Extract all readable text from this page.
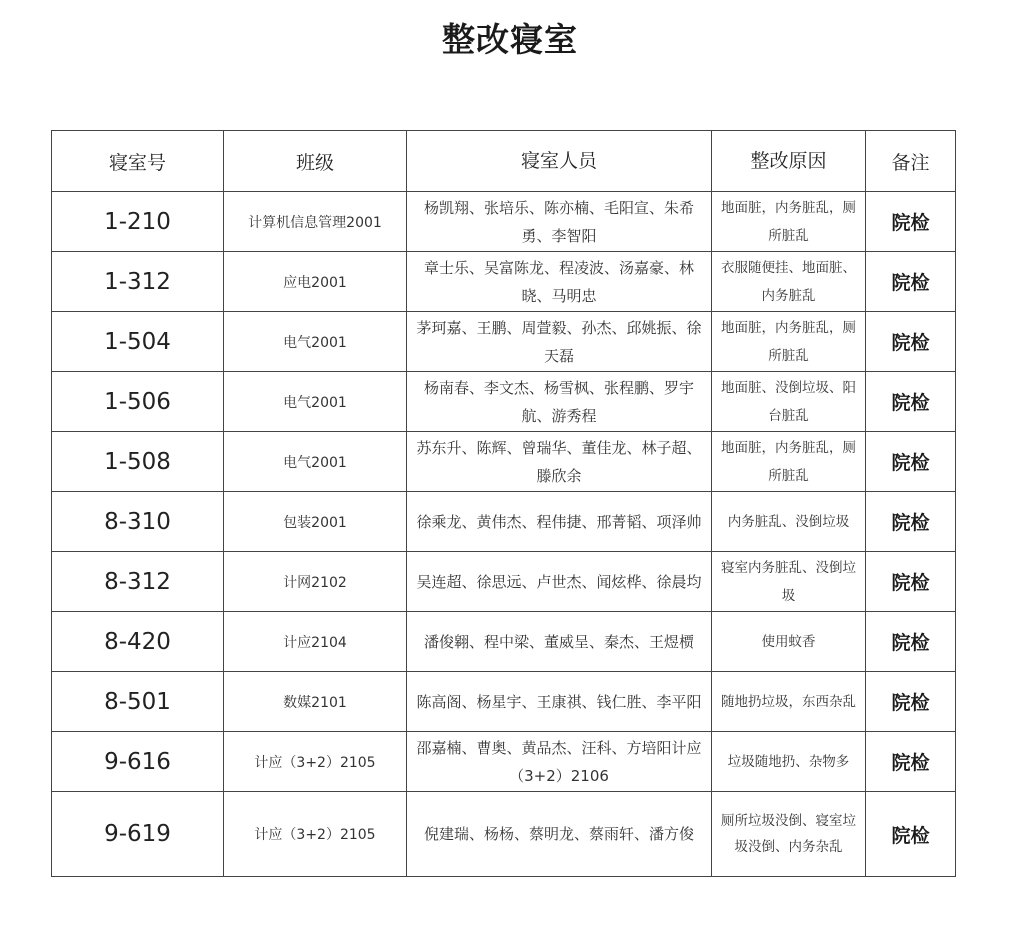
整改寝室
寝室号	班级	寝室人员	整改原因	备注
1-210	计算机信息管理2001	杨凯翔、张培乐、陈亦楠、毛阳宣、朱希勇、李智阳	地面脏，内务脏乱，厕所脏乱	院检
1-312	应电2001	章士乐、吴富陈龙、程凌波、汤嘉豪、林晓、马明忠	衣服随便挂、地面脏、内务脏乱	院检
1-504	电气2001	茅珂嘉、王鹏、周萱毅、孙杰、邱姚振、徐天磊	地面脏，内务脏乱，厕所脏乱	院检
1-506	电气2001	杨南春、李文杰、杨雪枫、张程鹏、罗宇航、游秀程	地面脏、没倒垃圾、阳台脏乱	院检
1-508	电气2001	苏东升、陈辉、曾瑞华、董佳龙、林子超、滕欣余	地面脏，内务脏乱，厕所脏乱	院检
8-310	包装2001	徐乘龙、黄伟杰、程伟捷、邢菁韬、项泽帅	内务脏乱、没倒垃圾	院检
8-312	计网2102	吴连超、徐思远、卢世杰、闻炫桦、徐晨均	寝室内务脏乱、没倒垃圾	院检
8-420	计应2104	潘俊翱、程中梁、董威呈、秦杰、王煜槚	使用蚊香	院检
8-501	数媒2101	陈高阁、杨星宇、王康祺、钱仁胜、李平阳	随地扔垃圾，东西杂乱	院检
9-616	计应（3+2）2105	邵嘉楠、曹奥、黄品杰、汪科、方培阳计应（3+2）2106	垃圾随地扔、杂物多	院检
9-619	计应（3+2）2105	倪建瑞、杨杨、蔡明龙、蔡雨轩、潘方俊	厕所垃圾没倒、寝室垃圾没倒、内务杂乱	院检
